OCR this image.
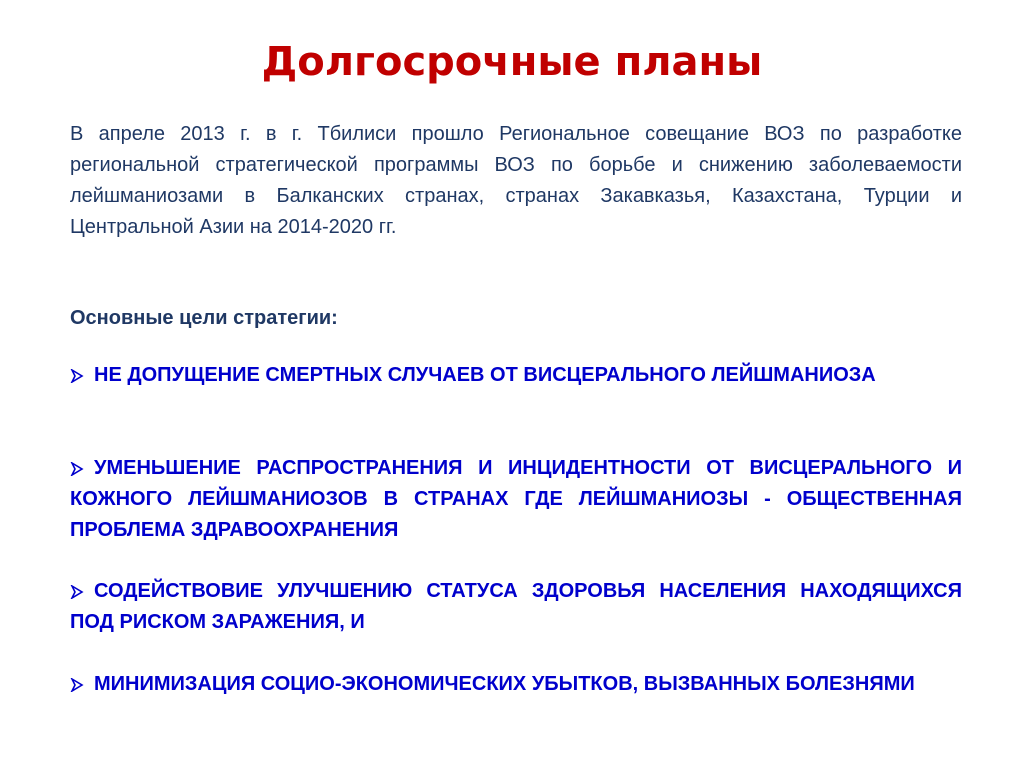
Долгосрочные планы

В апреле 2013 г. в г. Тбилиси прошло Региональное совещание ВОЗ по разработке региональной стратегической программы ВОЗ по борьбе и снижению заболеваемости лейшманиозами в Балканских странах, странах Закавказья, Казахстана, Турции и Центральной Азии на 2014-2020 гг.

Основные цели стратегии:

НЕ ДОПУЩЕНИЕ СМЕРТНЫХ СЛУЧАЕВ ОТ ВИСЦЕРАЛЬНОГО ЛЕЙШМАНИОЗА
УМЕНЬШЕНИЕ РАСПРОСТРАНЕНИЯ И ИНЦИДЕНТНОСТИ ОТ ВИСЦЕРАЛЬНОГО И КОЖНОГО ЛЕЙШМАНИОЗОВ В СТРАНАХ ГДЕ ЛЕЙШМАНИОЗЫ - ОБЩЕСТВЕННАЯ ПРОБЛЕМА ЗДРАВООХРАНЕНИЯ
СОДЕЙСТВОВИЕ УЛУЧШЕНИЮ СТАТУСА ЗДОРОВЬЯ НАСЕЛЕНИЯ НАХОДЯЩИХСЯ ПОД РИСКОМ ЗАРАЖЕНИЯ, И
МИНИМИЗАЦИЯ СОЦИО-ЭКОНОМИЧЕСКИХ УБЫТКОВ, ВЫЗВАННЫХ БОЛЕЗНЯМИ
